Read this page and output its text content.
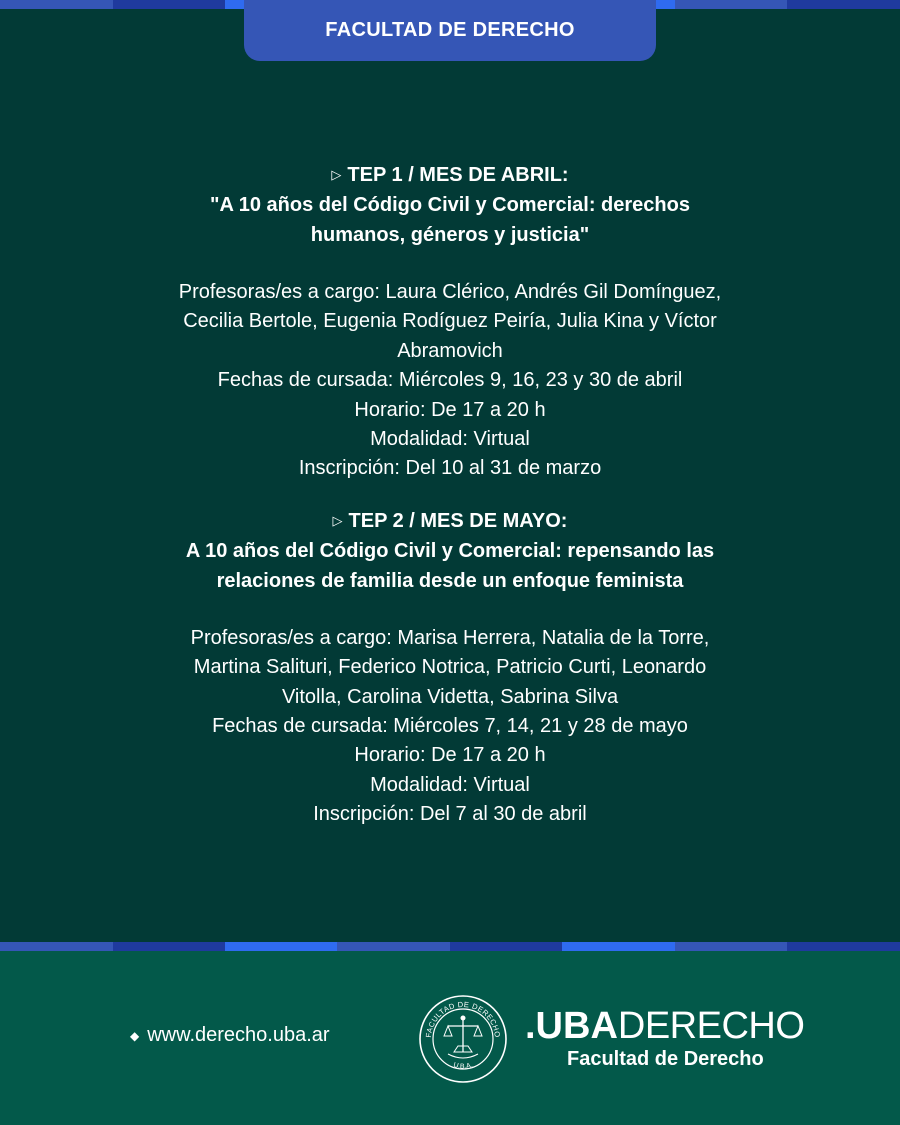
FACULTAD DE DERECHO
▷ TEP 1 / MES DE ABRIL:
"A 10 años del Código Civil y Comercial: derechos
humanos, géneros y justicia"
Profesoras/es a cargo: Laura Clérico, Andrés Gil Domínguez,
Cecilia Bertole, Eugenia Rodíguez Peiría, Julia Kina y Víctor
Abramovich
Fechas de cursada: Miércoles 9, 16, 23 y 30 de abril
Horario: De 17 a 20 h
Modalidad: Virtual
Inscripción: Del 10 al 31 de marzo
▷ TEP 2 / MES DE MAYO:
A 10 años del Código Civil y Comercial: repensando las
relaciones de familia desde un enfoque feminista
Profesoras/es a cargo: Marisa Herrera, Natalia de la Torre,
Martina Salituri, Federico Notrica, Patricio Curti, Leonardo
Vitolla, Carolina Videtta, Sabrina Silva
Fechas de cursada: Miércoles 7, 14, 21 y 28 de mayo
Horario: De 17 a 20 h
Modalidad: Virtual
Inscripción: Del 7 al 30 de abril
◆ www.derecho.uba.ar	FACULTAD DE DERECHO
U.B.A.
.UBADERECHO
Facultad de Derecho
